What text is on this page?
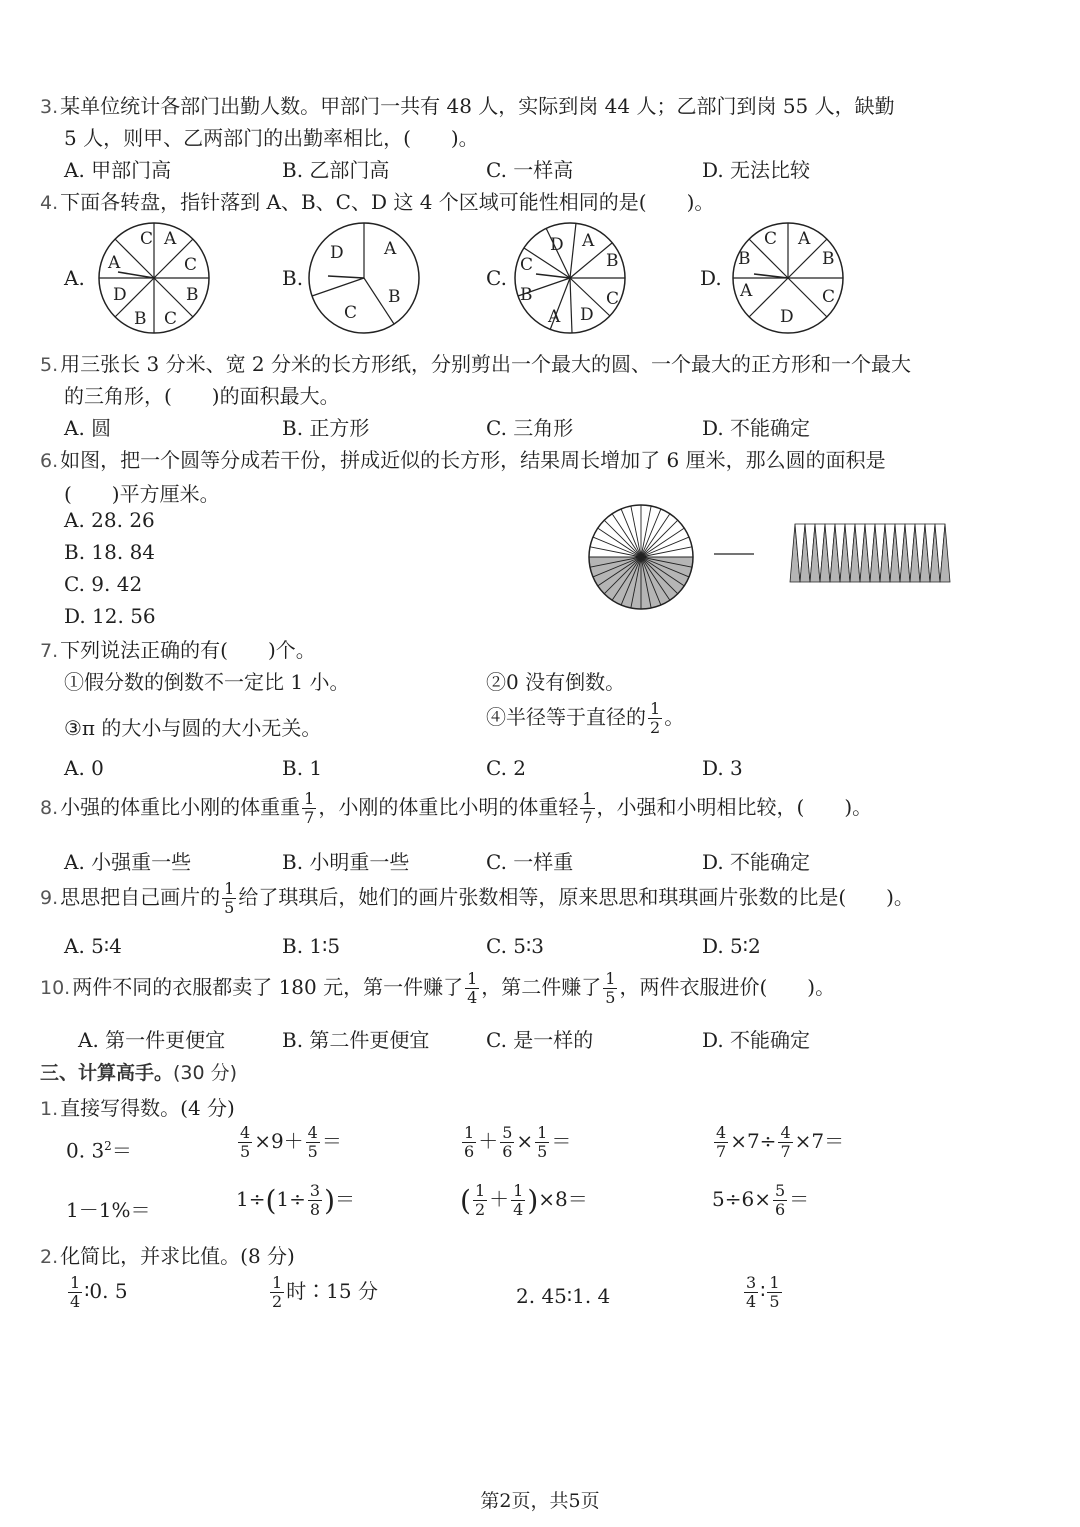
3. 某单位统计各部门出勤人数。甲部门一共有 48 人，实际到岗 44 人；乙部门到岗 55 人，缺勤
5 人，则甲、乙两部门的出勤率相比，(　　)。
A. 甲部门高	B. 乙部门高	C. 一样高	D. 无法比较
4. 下面各转盘，指针落到 A、B、C、D 这 4 个区域可能性相同的是(　　)。
A.	B.	C.	D.
C A
C
B
C
B
D
A
A
B
C
D
A
B
C
D
A
B
C
D	A
B
C
D
A
B
C
5. 用三张长 3 分米、宽 2 分米的长方形纸，分别剪出一个最大的圆、一个最大的正方形和一个最大
的三角形，(　　)的面积最大。
A. 圆	B. 正方形	C. 三角形	D. 不能确定
6. 如图，把一个圆等分成若干份，拼成近似的长方形，结果周长增加了 6 厘米，那么圆的面积是
(　　)平方厘米。
A. 28. 26
B. 18. 84
C. 9. 42
D. 12. 56
7. 下列说法正确的有(　　)个。
①假分数的倒数不一定比 1 小。	②0 没有倒数。
③π 的大小与圆的大小无关。	④半径等于直径的 $\frac{1}{2}$ 。
A. 0	B. 1	C. 2	D. 3
8. 小强的体重比小刚的体重重 $\frac{1}{7}$ ，小刚的体重比小明的体重轻 $\frac{1}{7}$ ，小强和小明相比较，(　　)。
A. 小强重一些	B. 小明重一些	C. 一样重	D. 不能确定
9. 思思把自己画片的 $\frac{1}{5}$ 给了琪琪后，她们的画片张数相等，原来思思和琪琪画片张数的比是(　　)。
A. 5∶4	B. 1∶5	C. 5∶3	D. 5∶2
10. 两件不同的衣服都卖了 180 元，第一件赚了 $\frac{1}{4}$ ，第二件赚了 $\frac{1}{5}$ ，两件衣服进价(　　)。
A. 第一件更便宜	B. 第二件更便宜	C. 是一样的	D. 不能确定
三、计算高手。(30 分)
1. 直接写得数。(4 分)
0. $3^2=$	$\frac{4}{5} \times 9+ \frac{4}{5}$ ＝	$\frac{1}{6} + \frac{5}{6} \times \frac{1}{5}$ ＝	$\frac{4}{7} \times 7\div \frac{4}{7} \times 7=$
1－1%＝	$1\div(1\div \frac{3}{8}$ )＝	( $\frac{1}{2} + \frac{1}{4} )\times 8=$	$5\div 6\times \frac{5}{6}$ ＝
2. 化简比，并求比值。(8 分)
$\frac{1}{4}$ ∶0. 5	$\frac{1}{2}$ 时∶15 分	2. 45∶1. 4	$\frac{3}{4}$ ∶ $\frac{1}{5}$
第2页，共5页
